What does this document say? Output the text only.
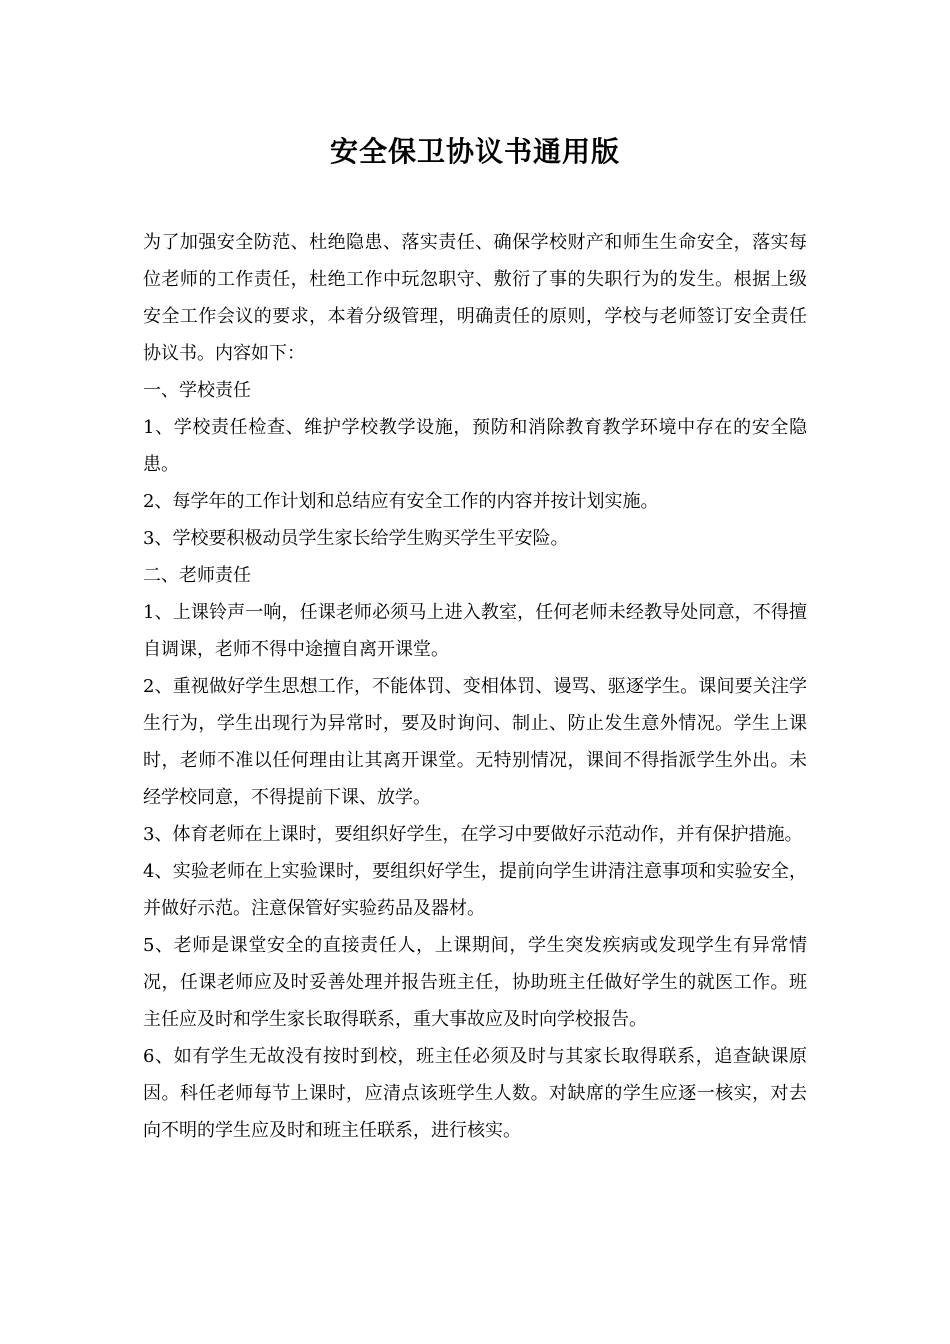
安全保卫协议书通用版

为了加强安全防范、杜绝隐患、落实责任、确保学校财产和师生生命安全，落实每位老师的工作责任，杜绝工作中玩忽职守、敷衍了事的失职行为的发生。根据上级安全工作会议的要求，本着分级管理，明确责任的原则，学校与老师签订安全责任协议书。内容如下：

一、学校责任

1、学校责任检查、维护学校教学设施，预防和消除教育教学环境中存在的安全隐患。

2、每学年的工作计划和总结应有安全工作的内容并按计划实施。

3、学校要积极动员学生家长给学生购买学生平安险。

二、老师责任

1、上课铃声一响，任课老师必须马上进入教室，任何老师未经教导处同意，不得擅自调课，老师不得中途擅自离开课堂。

2、重视做好学生思想工作，不能体罚、变相体罚、谩骂、驱逐学生。课间要关注学生行为，学生出现行为异常时，要及时询问、制止、防止发生意外情况。学生上课时，老师不准以任何理由让其离开课堂。无特别情况，课间不得指派学生外出。未经学校同意，不得提前下课、放学。

3、体育老师在上课时，要组织好学生，在学习中要做好示范动作，并有保护措施。

4、实验老师在上实验课时，要组织好学生，提前向学生讲清注意事项和实验安全，并做好示范。注意保管好实验药品及器材。

5、老师是课堂安全的直接责任人，上课期间，学生突发疾病或发现学生有异常情况，任课老师应及时妥善处理并报告班主任，协助班主任做好学生的就医工作。班主任应及时和学生家长取得联系，重大事故应及时向学校报告。

6、如有学生无故没有按时到校，班主任必须及时与其家长取得联系，追查缺课原因。科任老师每节上课时，应清点该班学生人数。对缺席的学生应逐一核实，对去向不明的学生应及时和班主任联系，进行核实。
